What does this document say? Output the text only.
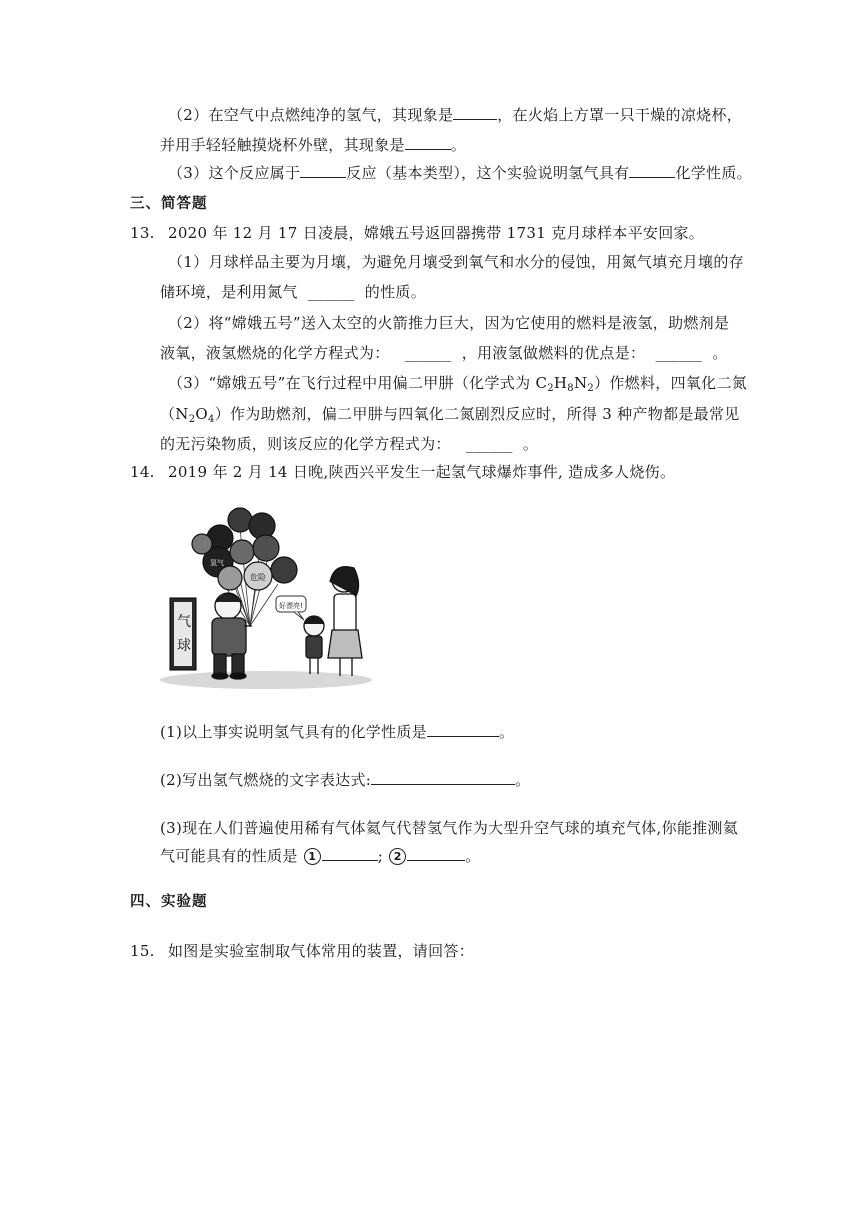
（2）在空气中点燃纯净的氢气，其现象是	，在火焰上方罩一只干燥的凉烧杯，
并用手轻轻触摸烧杯外壁，其现象是	。
（3）这个反应属于	反应（基本类型），这个实验说明氢气具有	化学性质。
三、简答题
13. 2020 年 12 月 17 日凌晨，嫦娥五号返回器携带 1731 克月球样本平安回家。
（1）月球样品主要为月壤，为避免月壤受到氧气和水分的侵蚀，用氮气填充月壤的存
储环境，是利用氮气 ______ 的性质。
（2）将“嫦娥五号”送入太空的火箭推力巨大，因为它使用的燃料是液氢，助燃剂是
液氧，液氢燃烧的化学方程式为： ______ ，用液氢做燃料的优点是： ______ 。
（3）“嫦娥五号”在飞行过程中用偏二甲肼（化学式为 $C_2H_8N_2$）作燃料，四氧化二氮
$(N_2O_4)$作为助燃剂，偏二甲肼与四氧化二氮剧烈反应时，所得 3 种产物都是最常见
的无污染物质，则该反应的化学方程式为： ______ 。
14. 2019 年 2 月 14 日晚,陕西兴平发生一起氢气球爆炸事件, 造成多人烧伤。
氢气
危险
气
球
好漂亮!
(1)以上事实说明氢气具有的化学性质是	。
(2)写出氢气燃烧的文字表达式:	。
(3)现在人们普遍使用稀有气体氦气代替氢气作为大型升空气球的填充气体,你能推测氦
气可能具有的性质是 1	; 2	。
四、实验题
15. 如图是实验室制取气体常用的装置，请回答：
